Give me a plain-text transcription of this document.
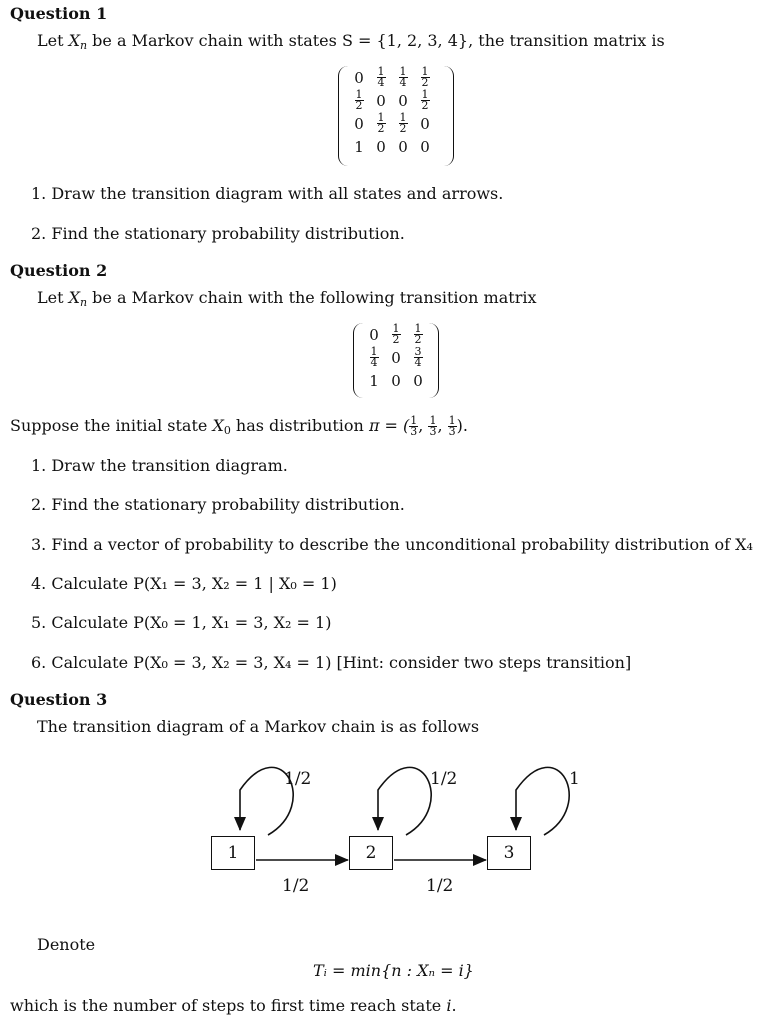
Question 1
Let Xn be a Markov chain with states S = {1, 2, 3, 4}, the transition matrix is
0	$\frac{1}{4}$	$\frac{1}{4}$	$\frac{1}{2}$

$\frac{1}{2}$	0	0	$\frac{1}{2}$

0	$\frac{1}{2}$	$\frac{1}{2}$	0
1	0	0	0
1. Draw the transition diagram with all states and arrows.
2. Find the stationary probability distribution.
Question 2
Let Xn be a Markov chain with the following transition matrix
0	$\frac{1}{2}$	$\frac{1}{2}$

$\frac{1}{4}$	0	$\frac{3}{4}$

1	0	0
Suppose the initial state $X_0$ has distribution π = ( $\frac{1}{3}$ , $\frac{1}{3}$ , $\frac{1}{3}$ ).
1. Draw the transition diagram.
2. Find the stationary probability distribution.
3. Find a vector of probability to describe the unconditional probability distribution of X₄
4. Calculate P(X₁ = 3, X₂ = 1 | X₀ = 1)
5. Calculate P(X₀ = 1, X₁ = 3, X₂ = 1)
6. Calculate P(X₀ = 3, X₂ = 3, X₄ = 1) [Hint: consider two steps transition]
Question 3
The transition diagram of a Markov chain is as follows
1	2	3
1/2	1/2	1
1/2	1/2
Denote
Tᵢ = min{n : Xₙ = i}
which is the number of steps to first time reach state i.
